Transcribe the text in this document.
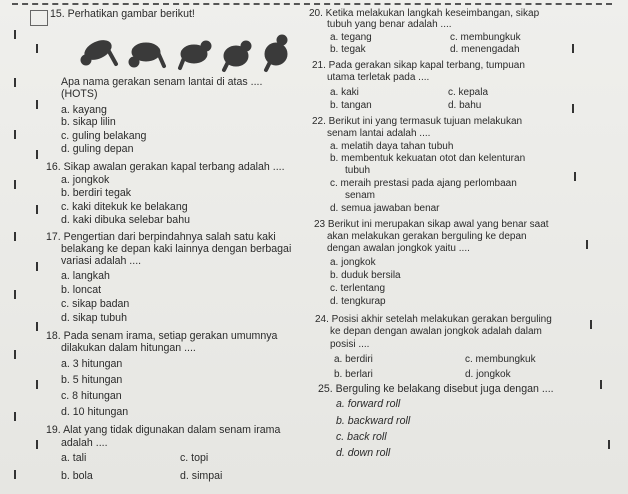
15. Perhatikan gambar berikut!
Apa nama gerakan senam lantai di atas ....
(HOTS)
a. kayang
b. sikap lilin
c. guling belakang
d. guling depan
16. Sikap awalan gerakan kapal terbang adalah ....
a. jongkok
b. berdiri tegak
c. kaki ditekuk ke belakang
d. kaki dibuka selebar bahu
17. Pengertian dari berpindahnya salah satu kaki
belakang ke depan kaki lainnya dengan berbagai
variasi adalah ....
a. langkah
b. loncat
c. sikap badan
d. sikap tubuh
18. Pada senam irama, setiap gerakan umumnya
dilakukan dalam hitungan ....
a. 3 hitungan
b. 5 hitungan
c. 8 hitungan
d. 10 hitungan
19. Alat yang tidak digunakan dalam senam irama
adalah ....
a. tali
b. bola
c. topi
d. simpai
20. Ketika melakukan langkah keseimbangan, sikap
tubuh yang benar adalah ....
a. tegang
b. tegak
c. membungkuk
d. menengadah
21. Pada gerakan sikap kapal terbang, tumpuan
utama terletak pada ....
a. kaki
b. tangan
c. kepala
d. bahu
22. Berikut ini yang termasuk tujuan melakukan
senam lantai adalah ....
a. melatih daya tahan tubuh
b. membentuk kekuatan otot dan kelenturan
tubuh
c. meraih prestasi pada ajang perlombaan
senam
d. semua jawaban benar
23 Berikut ini merupakan sikap awal yang benar saat
akan melakukan gerakan berguling ke depan
dengan awalan jongkok yaitu ....
a. jongkok
b. duduk bersila
c. terlentang
d. tengkurap
24. Posisi akhir setelah melakukan gerakan berguling
ke depan dengan awalan jongkok adalah dalam
posisi ....
a. berdiri
b. berlari
c. membungkuk
d. jongkok
25. Berguling ke belakang disebut juga dengan ....
a. forward roll
b. backward roll
c. back roll
d. down roll
